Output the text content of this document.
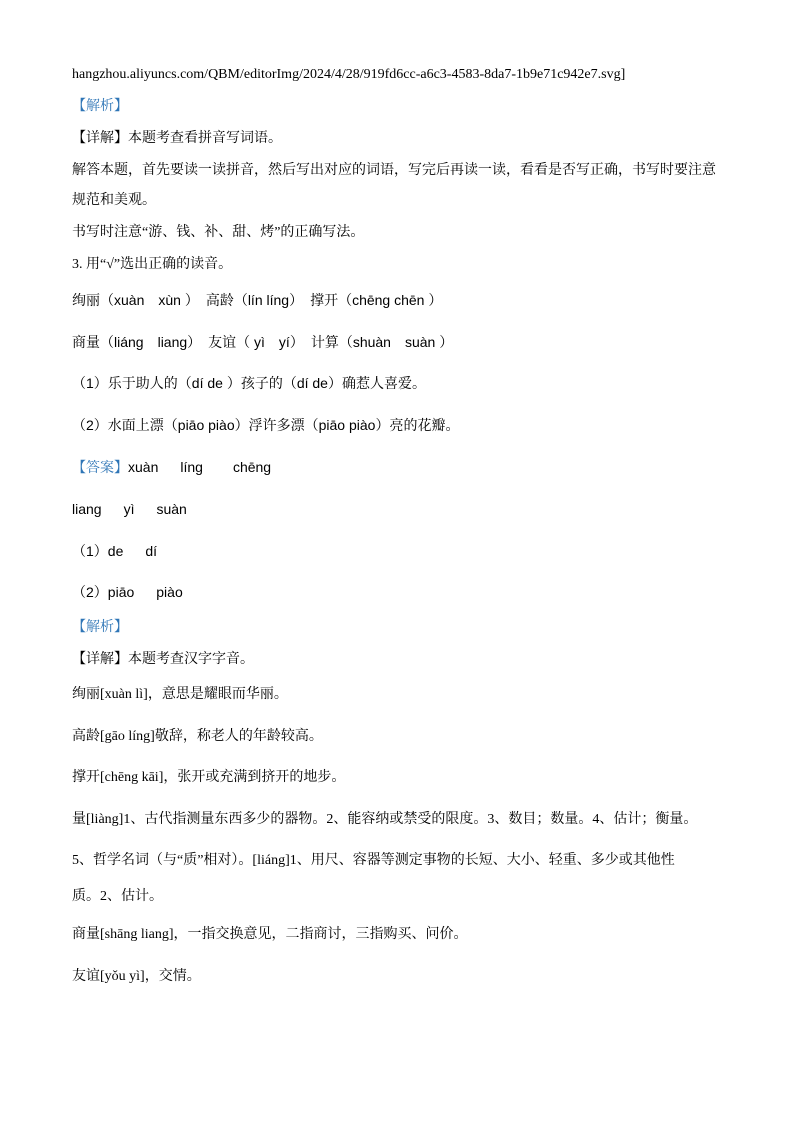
hangzhou.aliyuncs.com/QBM/editorImg/2024/4/28/919fd6cc-a6c3-4583-8da7-1b9e71c942e7.svg]
【解析】
【详解】本题考查看拼音写词语。
解答本题，首先要读一读拼音，然后写出对应的词语，写完后再读一读，看看是否写正确，书写时要注意
规范和美观。
书写时注意“游、钱、补、甜、烤”的正确写法。
3. 用“√”选出正确的读音。
绚丽（xuàn　xùn ）　高龄（lín líng）　撑开（chēng chēn ）
商量（liáng　liang）　友谊（ yì　yí）　计算（shuàn　suàn ）
（1）乐于助人的（dí de ）孩子的（dí de）确惹人喜爱。
（2）水面上漂（piāo piào）浮许多漂（piāo piào）亮的花瓣。
【答案】xuàn líng chēng
liang yì suàn
（1）de dí
（2）piāo piào
【解析】
【详解】本题考查汉字字音。
绚丽[xuàn lì]，意思是耀眼而华丽。
高龄[gāo líng]敬辞，称老人的年龄较高。
撑开[chēng kāi]，张开或充满到挤开的地步。
量[liàng]1、古代指测量东西多少的器物。2、能容纳或禁受的限度。3、数目；数量。4、估计；衡量。
5、哲学名词（与“质”相对）。[liáng]1、用尺、容器等测定事物的长短、大小、轻重、多少或其他性
质。2、估计。
商量[shāng liang]，一指交换意见，二指商讨，三指购买、问价。
友谊[yǒu yì]，交情。
